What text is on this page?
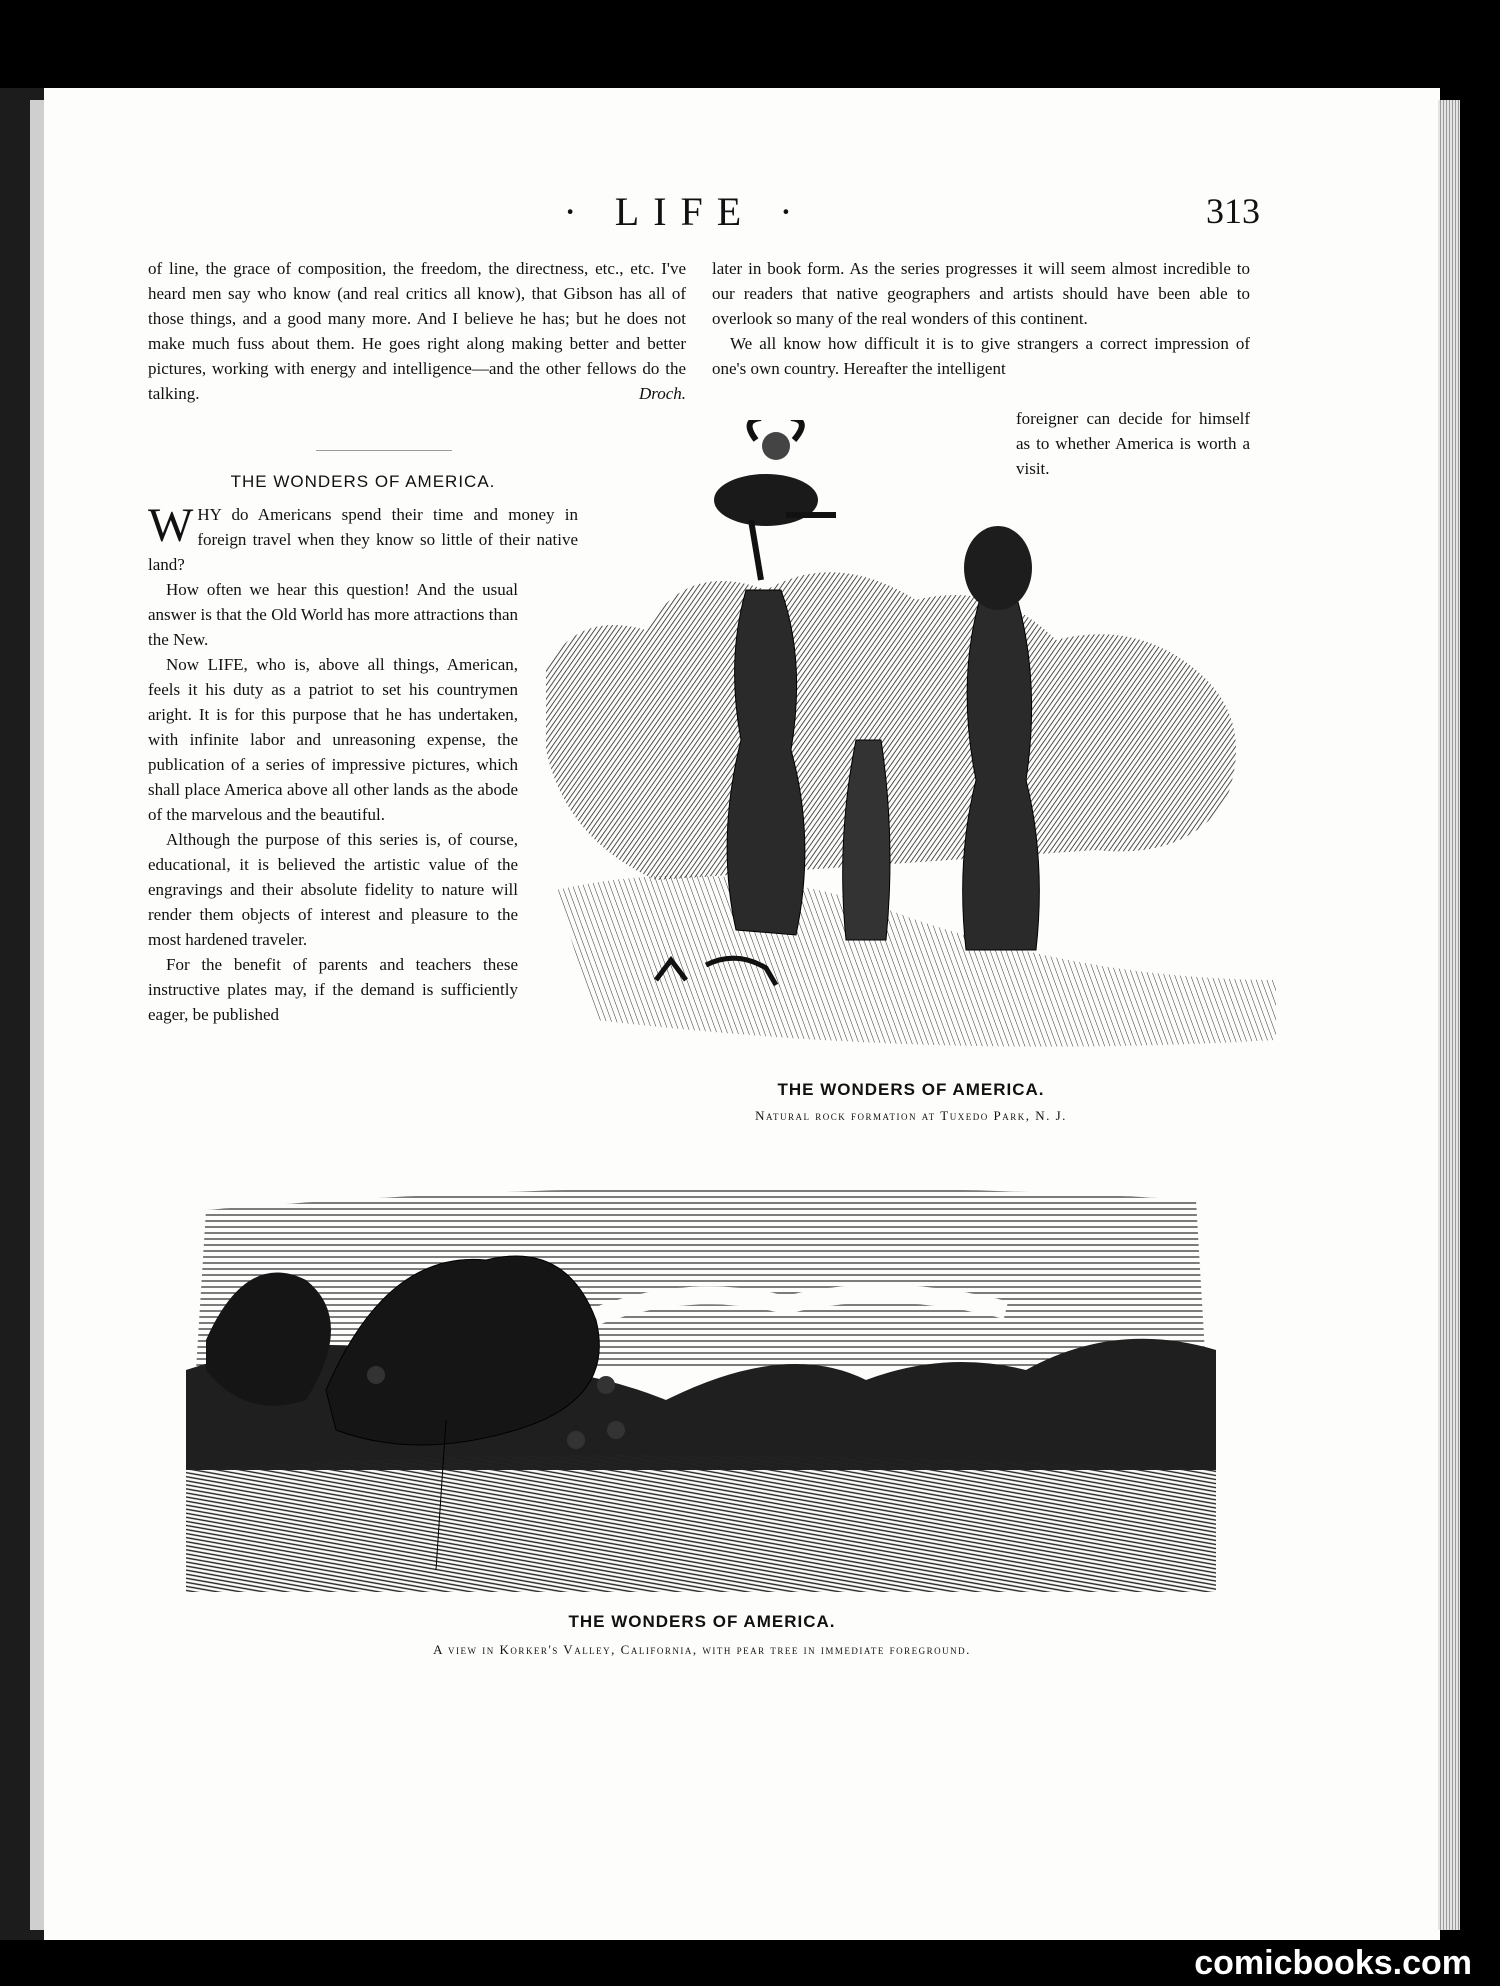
· LIFE ·	313

of line, the grace of composition, the freedom, the directness, etc., etc. I've heard men say who know (and real critics all know), that Gibson has all of those things, and a good many more. And I believe he has; but he does not make much fuss about them. He goes right along making better and better pictures, working with energy and intelligence—and the other fellows do the talking.	Droch.

THE WONDERS OF AMERICA.

WHY do Americans spend their time and money in foreign travel when they know so little of their native land?

How often we hear this question! And the usual answer is that the Old World has more attractions than the New.

Now LIFE, who is, above all things, American, feels it his duty as a patriot to set his countrymen aright. It is for this purpose that he has undertaken, with infinite labor and unreasoning expense, the publication of a series of impressive pictures, which shall place America above all other lands as the abode of the marvelous and the beautiful.

Although the purpose of this series is, of course, educational, it is believed the artistic value of the engravings and their absolute fidelity to nature will render them objects of interest and pleasure to the most hardened traveler.

For the benefit of parents and teachers these instructive plates may, if the demand is sufficiently eager, be published

later in book form. As the series progresses it will seem almost incredible to our readers that native geographers and artists should have been able to overlook so many of the real wonders of this continent.

We all know how difficult it is to give strangers a correct impression of one's own country. Hereafter the intelligent

foreigner can decide for himself as to whether America is worth a visit.

THE WONDERS OF AMERICA.
Natural rock formation at Tuxedo Park, N. J.
THE WONDERS OF AMERICA.
A view in Korker's Valley, California, with pear tree in immediate foreground.
comicbooks.com
